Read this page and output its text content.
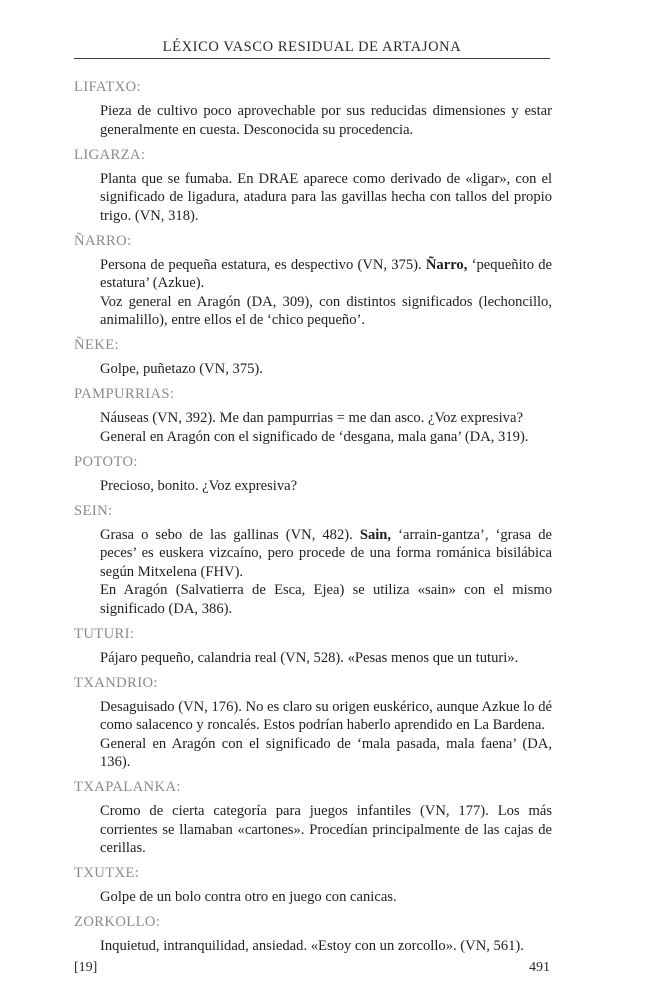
LÉXICO VASCO RESIDUAL DE ARTAJONA
LIFATXO:

Pieza de cultivo poco aprovechable por sus reducidas dimensiones y estar generalmente en cuesta. Desconocida su procedencia.

LIGARZA:

Planta que se fumaba. En DRAE aparece como derivado de «ligar», con el significado de ligadura, atadura para las gavillas hecha con tallos del propio trigo. (VN, 318).

ÑARRO:

Persona de pequeña estatura, es despectivo (VN, 375). Ñarro, ‘pequeñito de estatura’ (Azkue).

Voz general en Aragón (DA, 309), con distintos significados (lechoncillo, animalillo), entre ellos el de ‘chico pequeño’.

ÑEKE:

Golpe, puñetazo (VN, 375).

PAMPURRIAS:

Náuseas (VN, 392). Me dan pampurrias = me dan asco. ¿Voz expresiva?

General en Aragón con el significado de ‘desgana, mala gana’ (DA, 319).

POTOTO:

Precioso, bonito. ¿Voz expresiva?

SEIN:

Grasa o sebo de las gallinas (VN, 482). Sain, ‘arrain-gantza’, ‘grasa de peces’ es euskera vizcaíno, pero procede de una forma románica bisilábica según Mitxelena (FHV).

En Aragón (Salvatierra de Esca, Ejea) se utiliza «sain» con el mismo significado (DA, 386).

TUTURI:

Pájaro pequeño, calandria real (VN, 528). «Pesas menos que un tuturi».

TXANDRIO:

Desaguisado (VN, 176). No es claro su origen euskérico, aunque Azkue lo dé como salacenco y roncalés. Estos podrían haberlo aprendido en La Bardena.

General en Aragón con el significado de ‘mala pasada, mala faena’ (DA, 136).

TXAPALANKA:

Cromo de cierta categoría para juegos infantiles (VN, 177). Los más corrientes se llamaban «cartones». Procedían principalmente de las cajas de cerillas.

TXUTXE:

Golpe de un bolo contra otro en juego con canicas.

ZORKOLLO:

Inquietud, intranquilidad, ansiedad. «Estoy con un zorcollo». (VN, 561).

[19]	491
